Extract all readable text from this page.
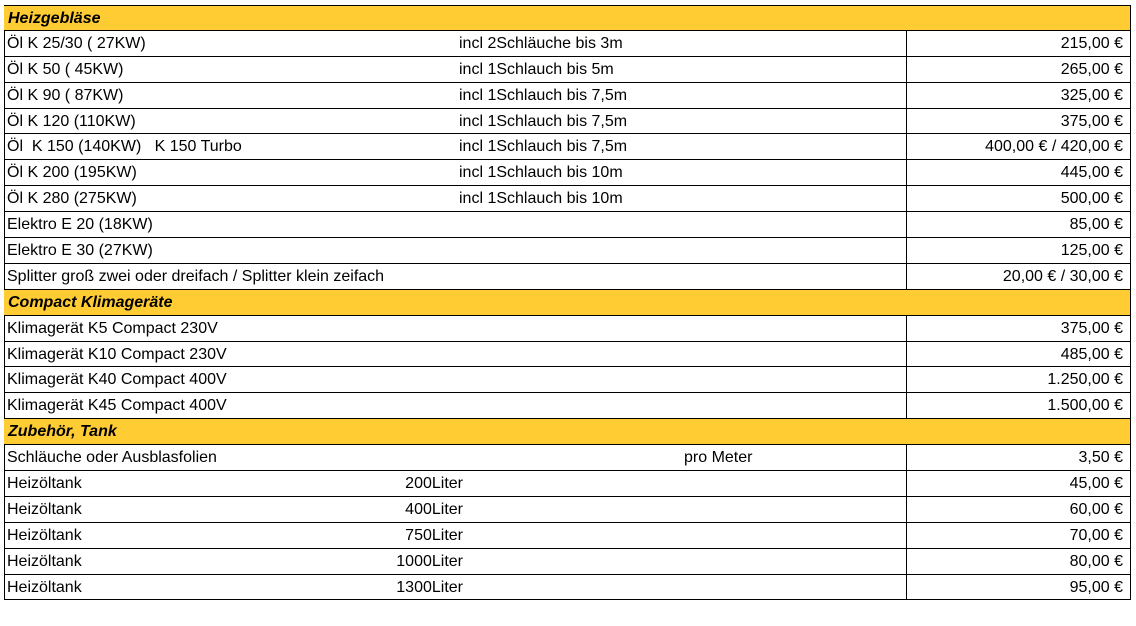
Heizgebläse
Öl K 25/30 ( 27KW)	incl 2Schläuche bis 3m	215,00 €
Öl K 50 ( 45KW)	incl 1Schlauch bis 5m	265,00 €
Öl K 90 ( 87KW)	incl 1Schlauch bis 7,5m	325,00 €
Öl K 120 (110KW)	incl 1Schlauch bis 7,5m	375,00 €
Öl  K 150 (140KW)   K 150 Turbo	incl 1Schlauch bis 7,5m	400,00 € / 420,00 €
Öl K 200 (195KW)	incl 1Schlauch bis 10m	445,00 €
Öl K 280 (275KW)	incl 1Schlauch bis 10m	500,00 €
Elektro E 20 (18KW)	85,00 €
Elektro E 30 (27KW)	125,00 €
Splitter groß zwei oder dreifach / Splitter klein zeifach	20,00 € / 30,00 €
Compact Klimageräte
Klimagerät K5 Compact 230V	375,00 €
Klimagerät K10 Compact 230V	485,00 €
Klimagerät K40 Compact 400V	1.250,00 €
Klimagerät K45 Compact 400V	1.500,00 €
Zubehör, Tank
Schläuche oder Ausblasfolien	pro Meter	3,50 €
Heizöltank	200Liter	45,00 €
Heizöltank	400Liter	60,00 €
Heizöltank	750Liter	70,00 €
Heizöltank	1000Liter	80,00 €
Heizöltank	1300Liter	95,00 €
